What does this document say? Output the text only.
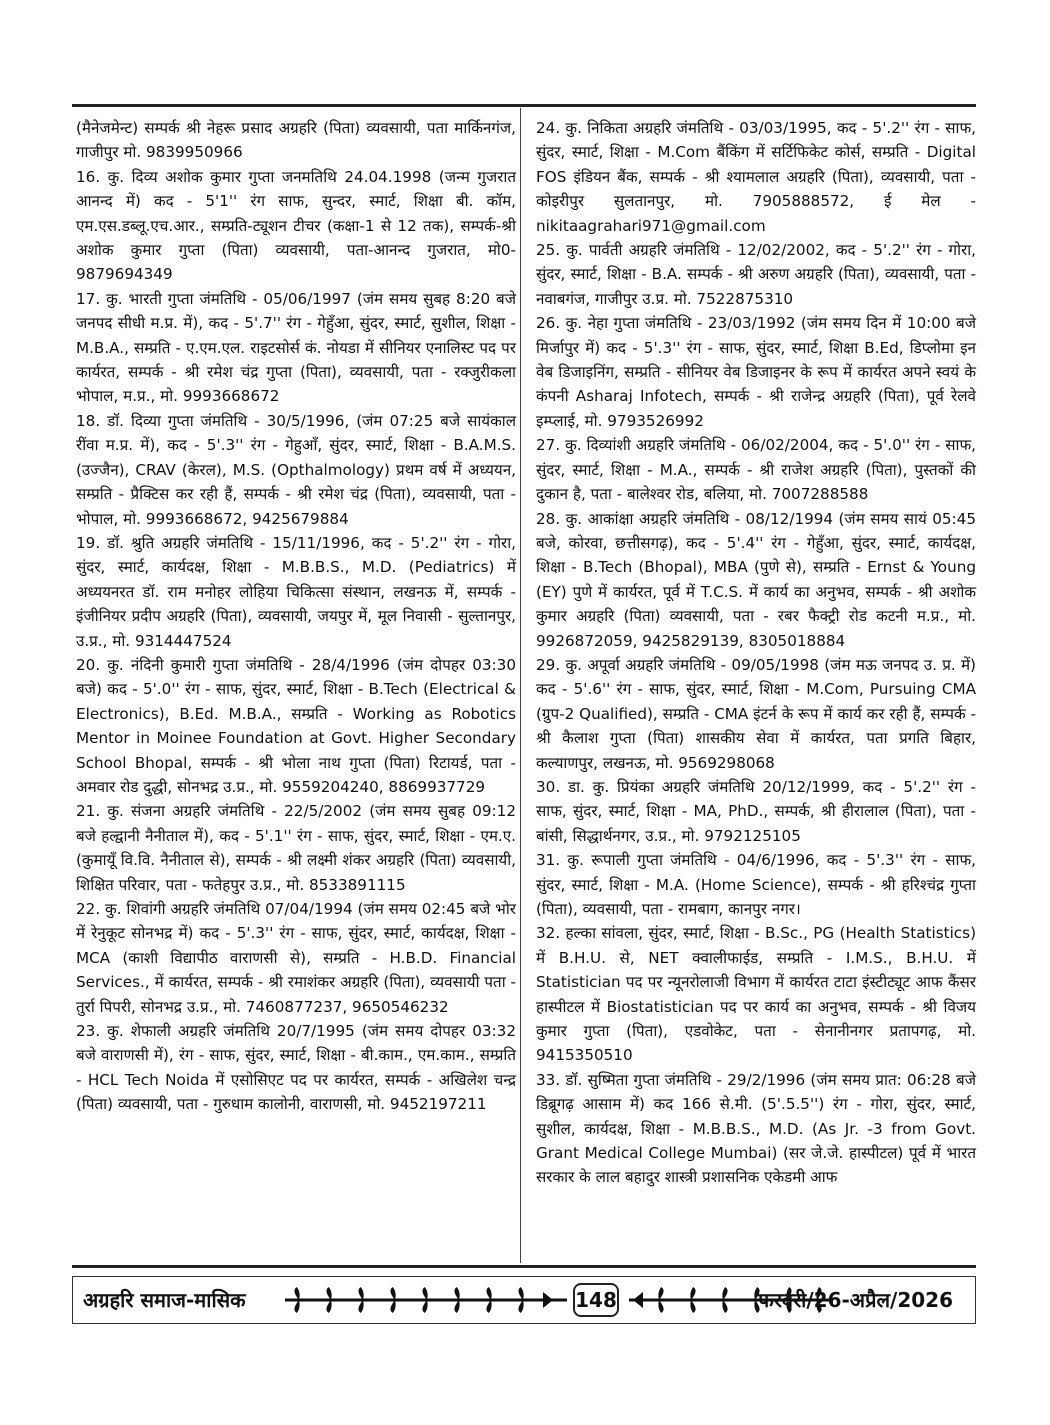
(मैनेजमेन्ट) सम्पर्क श्री नेहरू प्रसाद अग्रहरि (पिता) व्यवसायी, पता मार्किनगंज, गाजीपुर मो. 9839950966

16. कु. दिव्य अशोक कुमार गुप्ता जनमतिथि 24.04.1998 (जन्म गुजरात आनन्द में) कद - 5'1'' रंग साफ, सुन्दर, स्मार्ट, शिक्षा बी. कॉम, एम.एस.डब्लू.एच.आर., सम्प्रति-ट्यूशन टीचर (कक्षा-1 से 12 तक), सम्पर्क-श्री अशोक कुमार गुप्ता (पिता) व्यवसायी, पता-आनन्द गुजरात, मो0-9879694349

17. कु. भारती गुप्ता जंमतिथि - 05/06/1997 (जंम समय सुबह 8:20 बजे जनपद सीधी म.प्र. में), कद - 5'.7'' रंग - गेहुँआ, सुंदर, स्मार्ट, सुशील, शिक्षा - M.B.A., सम्प्रति - ए.एम.एल. राइटसोर्स कं. नोयडा में सीनियर एनालिस्ट पद पर कार्यरत, सम्पर्क - श्री रमेश चंद्र गुप्ता (पिता), व्यवसायी, पता - रक्जुरीकला भोपाल, म.प्र., मो. 9993668672

18. डॉ. दिव्या गुप्ता जंमतिथि - 30/5/1996, (जंम 07:25 बजे सायंकाल रींवा म.प्र. में), कद - 5'.3'' रंग - गेहुआँ, सुंदर, स्मार्ट, शिक्षा - B.A.M.S. (उज्जैन), CRAV (केरल), M.S. (Opthalmology) प्रथम वर्ष में अध्ययन, सम्प्रति - प्रैक्टिस कर रही हैं, सम्पर्क - श्री रमेश चंद्र (पिता), व्यवसायी, पता - भोपाल, मो. 9993668672, 9425679884

19. डॉ. श्रुति अग्रहरि जंमतिथि - 15/11/1996, कद - 5'.2'' रंग - गोरा, सुंदर, स्मार्ट, कार्यदक्ष, शिक्षा - M.B.B.S., M.D. (Pediatrics) में अध्ययनरत डॉ. राम मनोहर लोहिया चिकित्सा संस्थान, लखनऊ में, सम्पर्क - इंजीनियर प्रदीप अग्रहरि (पिता), व्यवसायी, जयपुर में, मूल निवासी - सुल्तानपुर, उ.प्र., मो. 9314447524

20. कु. नंदिनी कुमारी गुप्ता जंमतिथि - 28/4/1996 (जंम दोपहर 03:30 बजे) कद - 5'.0'' रंग - साफ, सुंदर, स्मार्ट, शिक्षा - B.Tech (Electrical & Electronics), B.Ed. M.B.A., सम्प्रति - Working as Robotics Mentor in Moinee Foundation at Govt. Higher Secondary School Bhopal, सम्पर्क - श्री भोला नाथ गुप्ता (पिता) रिटायर्ड, पता - अमवार रोड दुद्धी, सोनभद्र उ.प्र., मो. 9559204240, 8869937729

21. कु. संजना अग्रहरि जंमतिथि - 22/5/2002 (जंम समय सुबह 09:12 बजे हल्द्वानी नैनीताल में), कद - 5'.1'' रंग - साफ, सुंदर, स्मार्ट, शिक्षा - एम.ए. (कुमायूँ वि.वि. नैनीताल से), सम्पर्क - श्री लक्ष्मी शंकर अग्रहरि (पिता) व्यवसायी, शिक्षित परिवार, पता - फतेहपुर उ.प्र., मो. 8533891115

22. कु. शिवांगी अग्रहरि जंमतिथि 07/04/1994 (जंम समय 02:45 बजे भोर में रेनुकूट सोनभद्र में) कद - 5'.3'' रंग - साफ, सुंदर, स्मार्ट, कार्यदक्ष, शिक्षा - MCA (काशी विद्यापीठ वाराणसी से), सम्प्रति - H.B.D. Financial Services., में कार्यरत, सम्पर्क - श्री रमाशंकर अग्रहरि (पिता), व्यवसायी पता - तुर्रा पिपरी, सोनभद्र उ.प्र., मो. 7460877237, 9650546232

23. कु. शेफाली अग्रहरि जंमतिथि 20/7/1995 (जंम समय दोपहर 03:32 बजे वाराणसी में), रंग - साफ, सुंदर, स्मार्ट, शिक्षा - बी.काम., एम.काम., सम्प्रति - HCL Tech Noida में एसोसिएट पद पर कार्यरत, सम्पर्क - अखिलेश चन्द्र (पिता) व्यवसायी, पता - गुरुधाम कालोनी, वाराणसी, मो. 9452197211

24. कु. निकिता अग्रहरि जंमतिथि - 03/03/1995, कद - 5'.2'' रंग - साफ, सुंदर, स्मार्ट, शिक्षा - M.Com बैंकिंग में सर्टिफिकेट कोर्स, सम्प्रति - Digital FOS इंडियन बैंक, सम्पर्क - श्री श्यामलाल अग्रहरि (पिता), व्यवसायी, पता - कोइरीपुर सुलतानपुर, मो. 7905888572, ई मेल - nikitaagrahari971@gmail.com

25. कु. पार्वती अग्रहरि जंमतिथि - 12/02/2002, कद - 5'.2'' रंग - गोरा, सुंदर, स्मार्ट, शिक्षा - B.A. सम्पर्क - श्री अरुण अग्रहरि (पिता), व्यवसायी, पता - नवाबगंज, गाजीपुर उ.प्र. मो. 7522875310

26. कु. नेहा गुप्ता जंमतिथि - 23/03/1992 (जंम समय दिन में 10:00 बजे मिर्जापुर में) कद - 5'.3'' रंग - साफ, सुंदर, स्मार्ट, शिक्षा B.Ed, डिप्लोमा इन वेब डिजाइनिंग, सम्प्रति - सीनियर वेब डिजाइनर के रूप में कार्यरत अपने स्वयं के कंपनी Asharaj Infotech, सम्पर्क - श्री राजेन्द्र अग्रहरि (पिता), पूर्व रेलवे इम्प्लाई, मो. 9793526992

27. कु. दिव्यांशी अग्रहरि जंमतिथि - 06/02/2004, कद - 5'.0'' रंग - साफ, सुंदर, स्मार्ट, शिक्षा - M.A., सम्पर्क - श्री राजेश अग्रहरि (पिता), पुस्तकों की दुकान है, पता - बालेश्वर रोड, बलिया, मो. 7007288588

28. कु. आकांक्षा अग्रहरि जंमतिथि - 08/12/1994 (जंम समय सायं 05:45 बजे, कोरवा, छत्तीसगढ़), कद - 5'.4'' रंग - गेहुँआ, सुंदर, स्मार्ट, कार्यदक्ष, शिक्षा - B.Tech (Bhopal), MBA (पुणे से), सम्प्रति - Ernst & Young (EY) पुणे में कार्यरत, पूर्व में T.C.S. में कार्य का अनुभव, सम्पर्क - श्री अशोक कुमार अग्रहरि (पिता) व्यवसायी, पता - रबर फैक्ट्री रोड कटनी म.प्र., मो. 9926872059, 9425829139, 8305018884

29. कु. अपूर्वा अग्रहरि जंमतिथि - 09/05/1998 (जंम मऊ जनपद उ. प्र. में) कद - 5'.6'' रंग - साफ, सुंदर, स्मार्ट, शिक्षा - M.Com, Pursuing CMA (ग्रुप-2 Qualified), सम्प्रति - CMA इंटर्न के रूप में कार्य कर रही हैं, सम्पर्क - श्री कैलाश गुप्ता (पिता) शासकीय सेवा में कार्यरत, पता प्रगति बिहार, कल्याणपुर, लखनऊ, मो. 9569298068

30. डा. कु. प्रियंका अग्रहरि जंमतिथि 20/12/1999, कद - 5'.2'' रंग - साफ, सुंदर, स्मार्ट, शिक्षा - MA, PhD., सम्पर्क, श्री हीरालाल (पिता), पता - बांसी, सिद्धार्थनगर, उ.प्र., मो. 9792125105

31. कु. रूपाली गुप्ता जंमतिथि - 04/6/1996, कद - 5'.3'' रंग - साफ, सुंदर, स्मार्ट, शिक्षा - M.A. (Home Science), सम्पर्क - श्री हरिश्चंद्र गुप्ता (पिता), व्यवसायी, पता - रामबाग, कानपुर नगर।

32. हल्का सांवला, सुंदर, स्मार्ट, शिक्षा - B.Sc., PG (Health Statistics) में B.H.U. से, NET क्वालीफाईड, सम्प्रति - I.M.S., B.H.U. में Statistician पद पर न्यूनरोलाजी विभाग में कार्यरत टाटा इंस्टीट्यूट आफ कैंसर हास्पीटल में Biostatistician पद पर कार्य का अनुभव, सम्पर्क - श्री विजय कुमार गुप्ता (पिता), एडवोकेट, पता - सेनानीनगर प्रतापगढ़, मो. 9415350510

33. डॉ. सुष्मिता गुप्ता जंमतिथि - 29/2/1996 (जंम समय प्रात: 06:28 बजे डिब्रूगढ़ आसाम में) कद 166 से.मी. (5'.5.5'') रंग - गोरा, सुंदर, स्मार्ट, सुशील, कार्यदक्ष, शिक्षा - M.B.B.S., M.D. (As Jr. -3 from Govt. Grant Medical College Mumbai) (सर जे.जे. हास्पीटल) पूर्व में भारत सरकार के लाल बहादुर शास्त्री प्रशासनिक एकेडमी आफ

अग्रहरि समाज-मासिक	148	फरवरी/26-अप्रैल/2026
